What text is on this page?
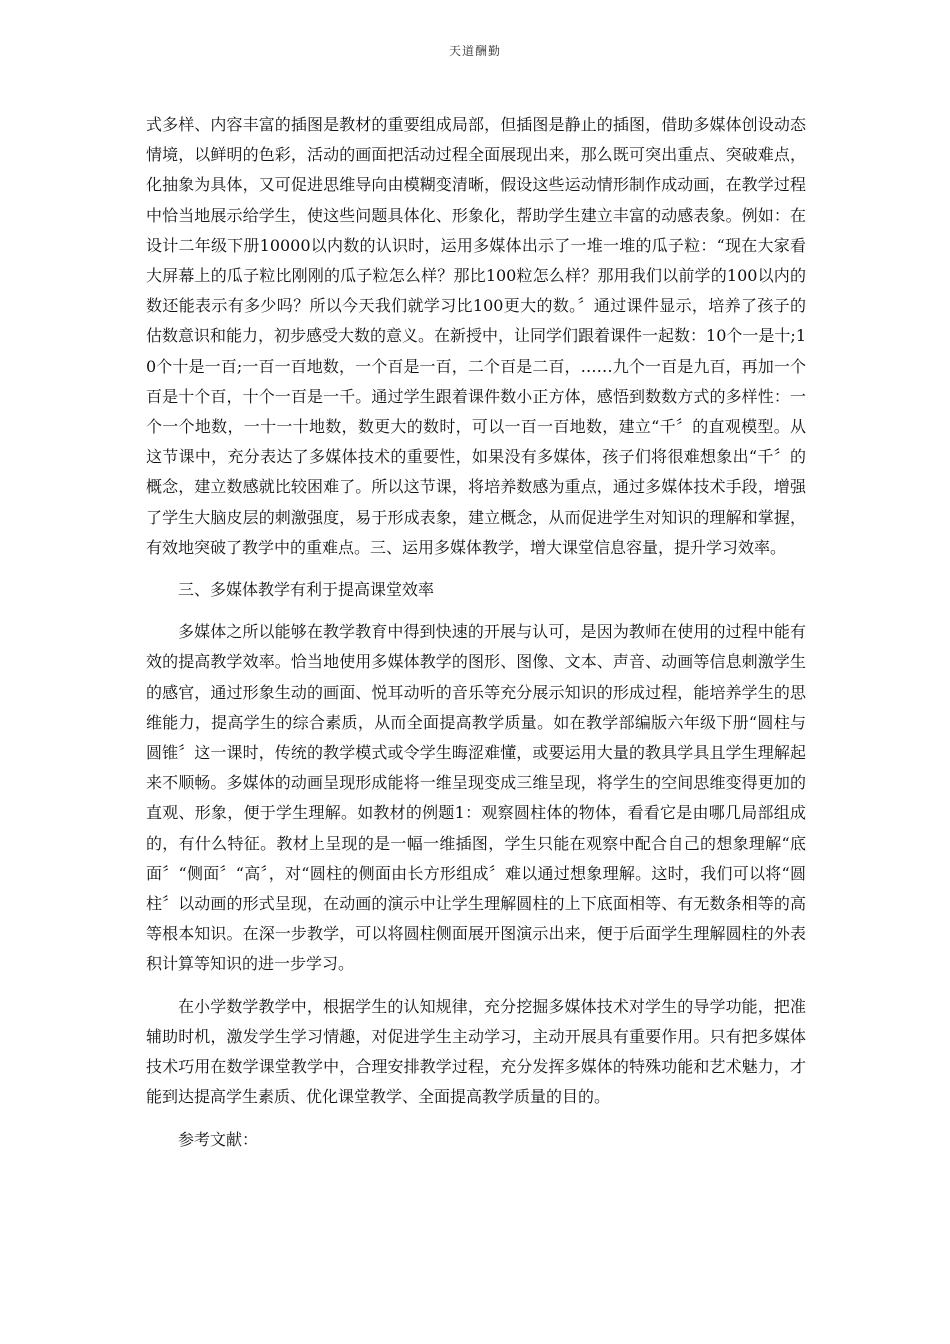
天道酬勤

式多样、内容丰富的插图是教材的重要组成局部，但插图是静止的插图，借助多媒体创设动态情境，以鲜明的色彩，活动的画面把活动过程全面展现出来，那么既可突出重点、突破难点，化抽象为具体，又可促进思维导向由模糊变清晰，假设这些运动情形制作成动画，在教学过程中恰当地展示给学生，使这些问题具体化、形象化，帮助学生建立丰富的动感表象。例如：在设计二年级下册10000以内数的认识时，运用多媒体出示了一堆一堆的瓜子粒：“现在大家看大屏幕上的瓜子粒比刚刚的瓜子粒怎么样？那比100粒怎么样？那用我们以前学的100以内的数还能表示有多少吗？所以今天我们就学习比100更大的数。〞通过课件显示，培养了孩子的估数意识和能力，初步感受大数的意义。在新授中，让同学们跟着课件一起数：10个一是十;10个十是一百;一百一百地数，一个百是一百，二个百是二百，……九个一百是九百，再加一个百是十个百，十个一百是一千。通过学生跟着课件数小正方体，感悟到数数方式的多样性：一个一个地数，一十一十地数，数更大的数时，可以一百一百地数，建立“千〞的直观模型。从这节课中，充分表达了多媒体技术的重要性，如果没有多媒体，孩子们将很难想象出“千〞的概念，建立数感就比较困难了。所以这节课，将培养数感为重点，通过多媒体技术手段，增强了学生大脑皮层的刺激强度，易于形成表象，建立概念，从而促进学生对知识的理解和掌握，有效地突破了教学中的重难点。三、运用多媒体教学，增大课堂信息容量，提升学习效率。

三、多媒体教学有利于提高课堂效率

多媒体之所以能够在教学教育中得到快速的开展与认可，是因为教师在使用的过程中能有效的提高教学效率。恰当地使用多媒体教学的图形、图像、文本、声音、动画等信息刺激学生的感官，通过形象生动的画面、悦耳动听的音乐等充分展示知识的形成过程，能培养学生的思维能力，提高学生的综合素质，从而全面提高教学质量。如在教学部编版六年级下册“圆柱与圆锥〞这一课时，传统的教学模式或令学生晦涩难懂，或要运用大量的教具学具且学生理解起来不顺畅。多媒体的动画呈现形成能将一维呈现变成三维呈现，将学生的空间思维变得更加的直观、形象，便于学生理解。如教材的例题1：观察圆柱体的物体，看看它是由哪几局部组成的，有什么特征。教材上呈现的是一幅一维插图，学生只能在观察中配合自己的想象理解“底面〞“侧面〞“高〞，对“圆柱的侧面由长方形组成〞难以通过想象理解。这时，我们可以将“圆柱〞以动画的形式呈现，在动画的演示中让学生理解圆柱的上下底面相等、有无数条相等的高等根本知识。在深一步教学，可以将圆柱侧面展开图演示出来，便于后面学生理解圆柱的外表积计算等知识的进一步学习。

在小学数学教学中，根据学生的认知规律，充分挖掘多媒体技术对学生的导学功能，把准辅助时机，激发学生学习情趣，对促进学生主动学习，主动开展具有重要作用。只有把多媒体技术巧用在数学课堂教学中，合理安排教学过程，充分发挥多媒体的特殊功能和艺术魅力，才能到达提高学生素质、优化课堂教学、全面提高教学质量的目的。

参考文献：
